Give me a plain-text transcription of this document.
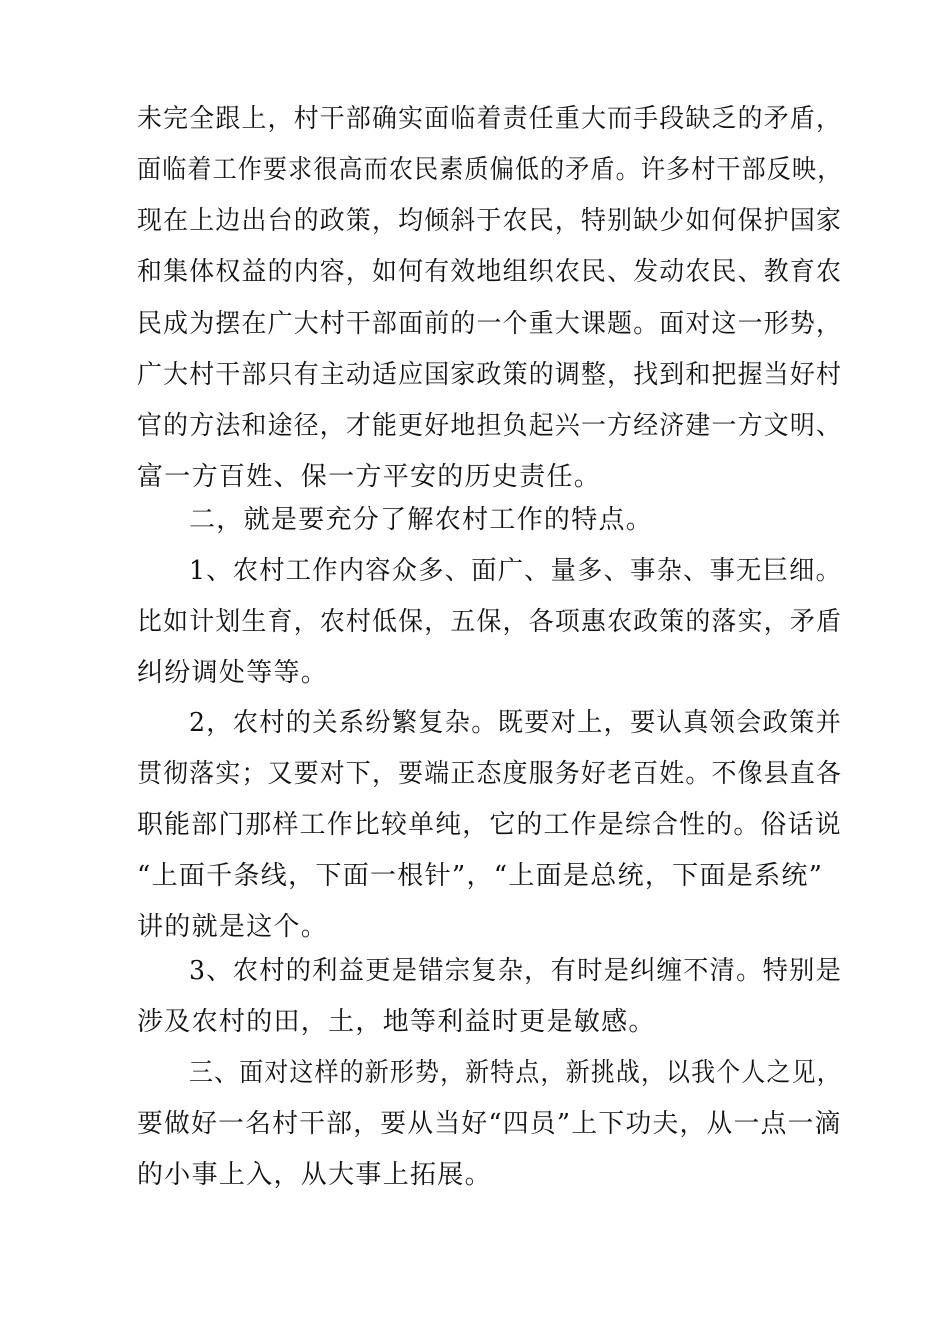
未完全跟上，村干部确实面临着责任重大而手段缺乏的矛盾，
面临着工作要求很高而农民素质偏低的矛盾。许多村干部反映，
现在上边出台的政策，均倾斜于农民，特别缺少如何保护国家
和集体权益的内容，如何有效地组织农民、发动农民、教育农
民成为摆在广大村干部面前的一个重大课题。面对这一形势，
广大村干部只有主动适应国家政策的调整，找到和把握当好村
官的方法和途径，才能更好地担负起兴一方经济建一方文明、
富一方百姓、保一方平安的历史责任。
二，就是要充分了解农村工作的特点。
1、农村工作内容众多、面广、量多、事杂、事无巨细。
比如计划生育，农村低保，五保，各项惠农政策的落实，矛盾
纠纷调处等等。
2，农村的关系纷繁复杂。既要对上，要认真领会政策并
贯彻落实；又要对下，要端正态度服务好老百姓。不像县直各
职能部门那样工作比较单纯，它的工作是综合性的。俗话说
“上面千条线，下面一根针”，“上面是总统，下面是系统”
讲的就是这个。
3、农村的利益更是错宗复杂，有时是纠缠不清。特别是
涉及农村的田，土，地等利益时更是敏感。
三、面对这样的新形势，新特点，新挑战，以我个人之见，
要做好一名村干部，要从当好“四员”上下功夫，从一点一滴
的小事上入，从大事上拓展。
